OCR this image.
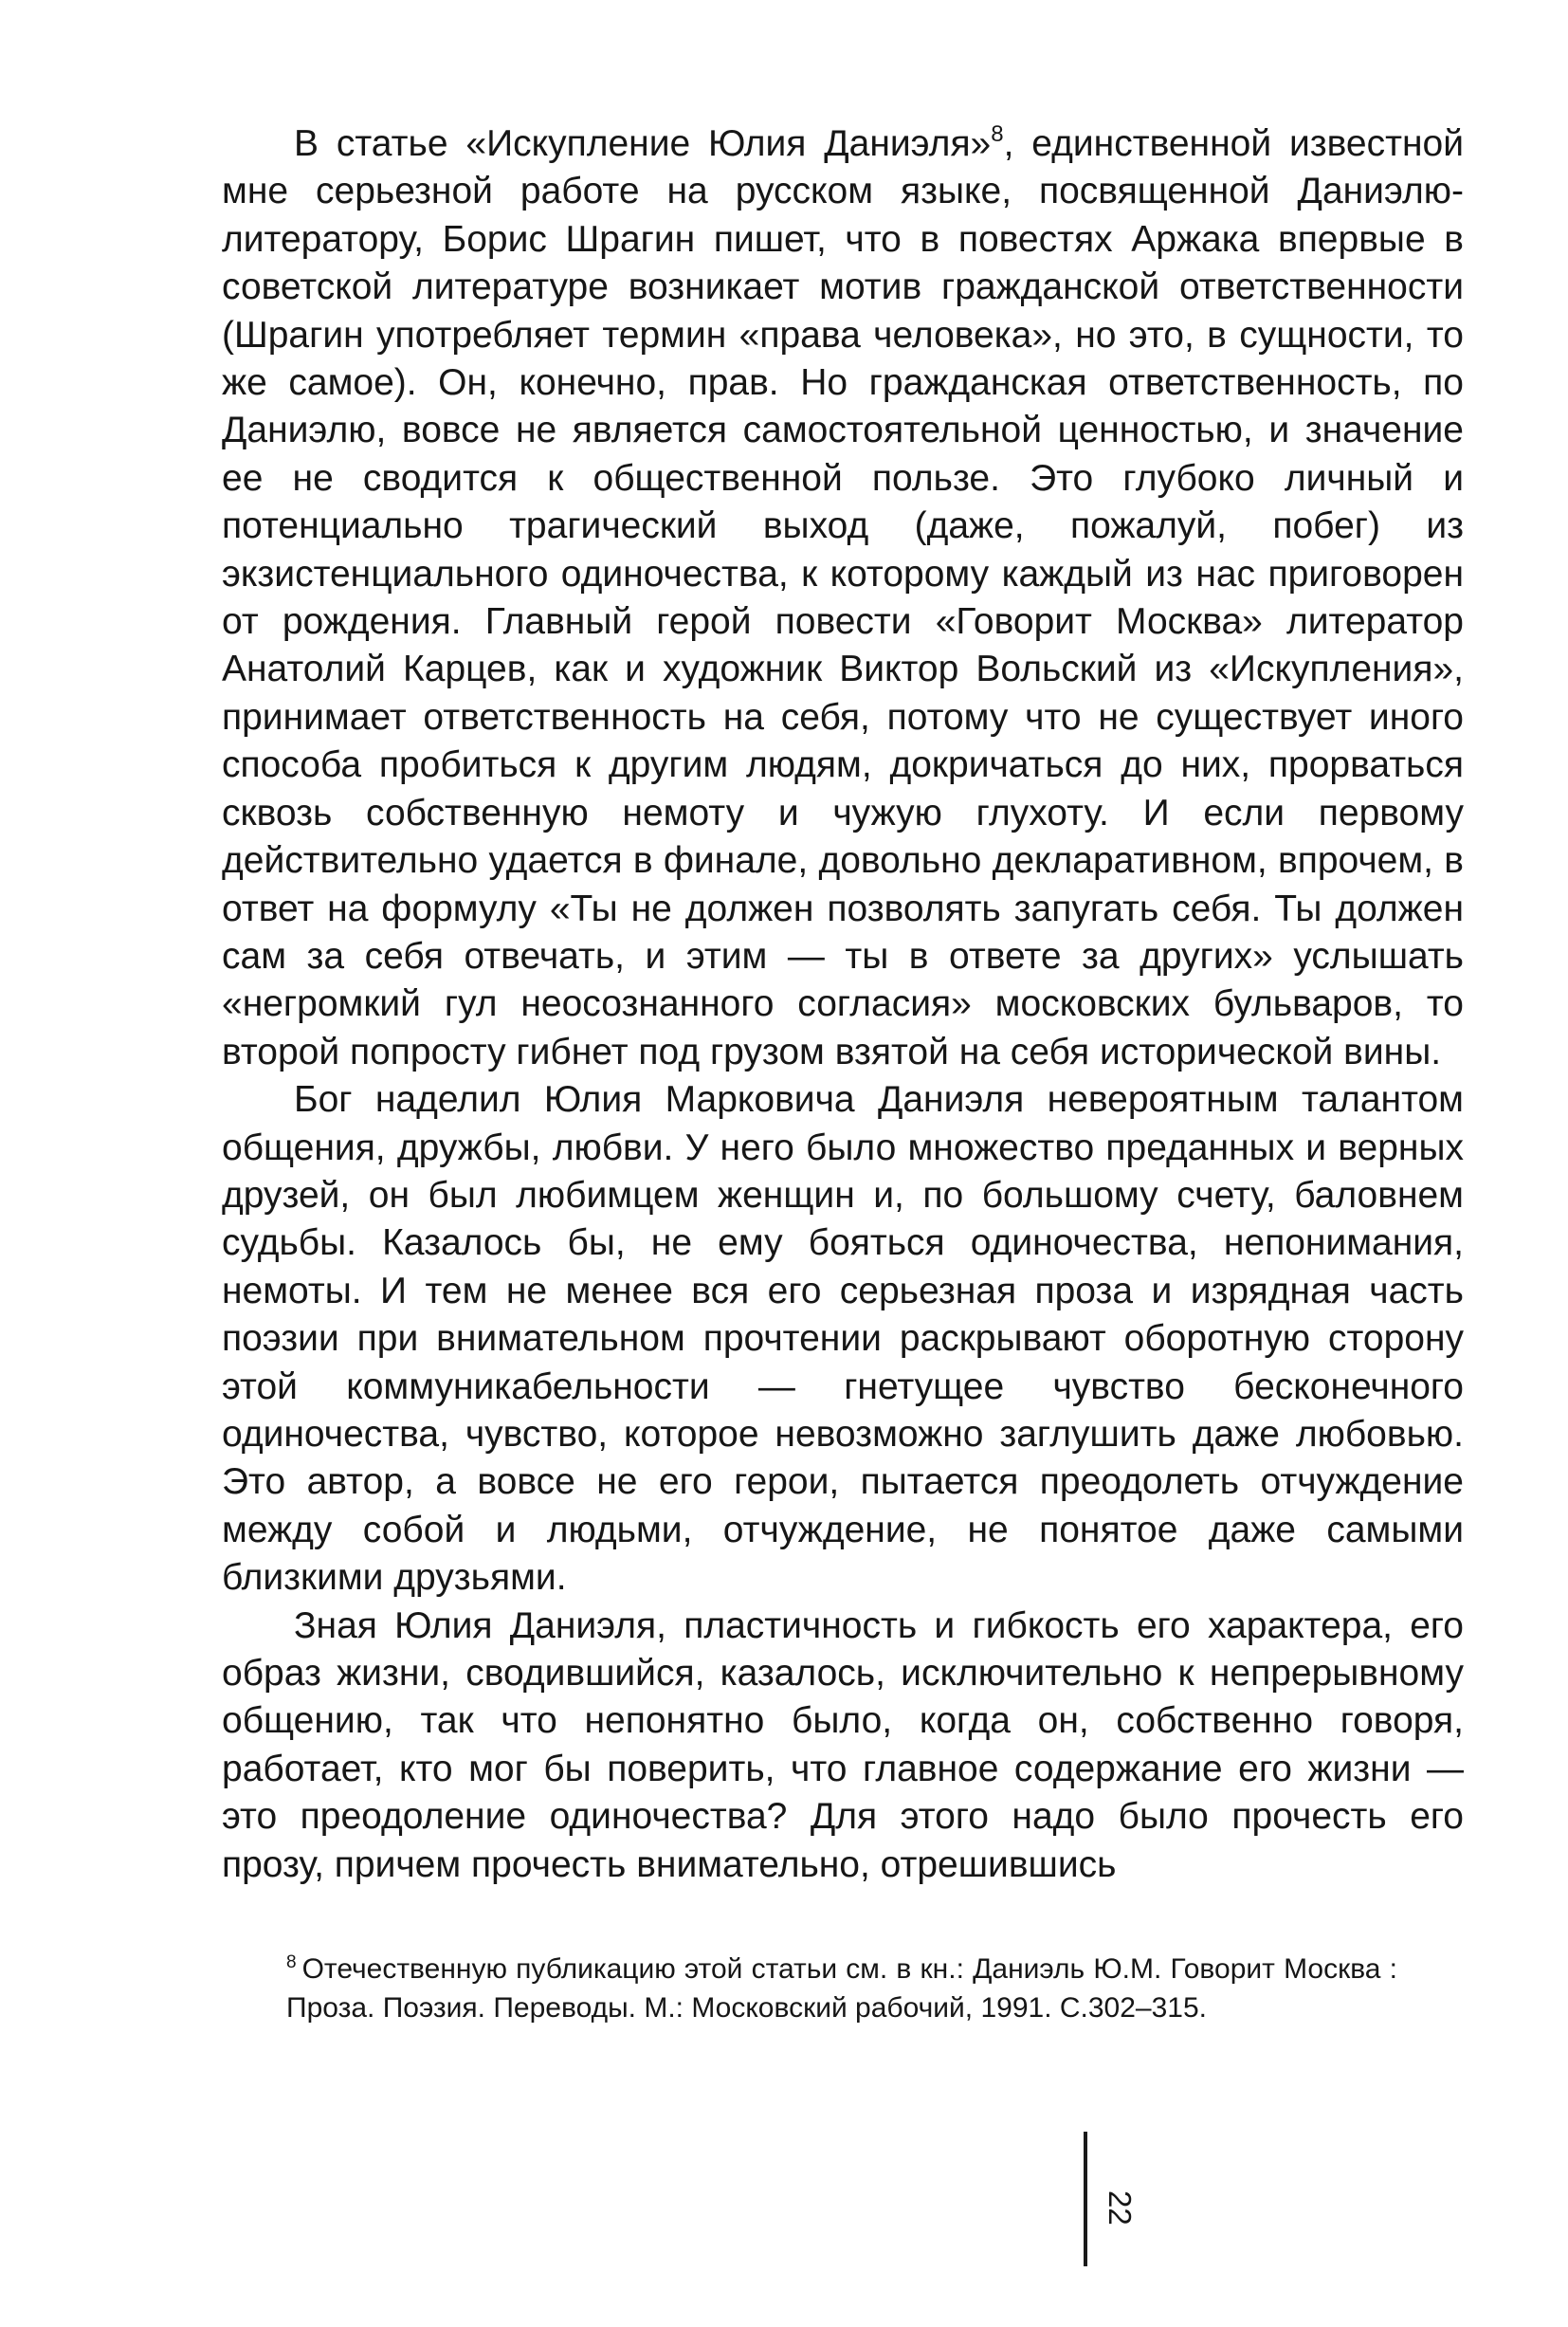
В статье «Искупление Юлия Даниэля»$^8$, единственной известной мне серьезной работе на русском языке, посвященной Даниэлю-литератору, Борис Шрагин пишет, что в повестях Аржака впервые в советской литературе возникает мотив гражданской ответственности (Шрагин употребляет термин «права человека», но это, в сущности, то же самое). Он, конечно, прав. Но гражданская ответственность, по Даниэлю, вовсе не является самостоятельной ценностью, и значение ее не сводится к общественной пользе. Это глубоко личный и потенциально трагический выход (даже, пожалуй, побег) из экзистенциального одиночества, к которому каждый из нас приговорен от рождения. Главный герой повести «Говорит Москва» литератор Анатолий Карцев, как и художник Виктор Вольский из «Искупления», принимает ответственность на себя, потому что не существует иного способа пробиться к другим людям, докричаться до них, прорваться сквозь собственную немоту и чужую глухоту. И если первому действительно удается в финале, довольно декларативном, впрочем, в ответ на формулу «Ты не должен позволять запугать себя. Ты должен сам за себя отвечать, и этим — ты в ответе за других» услышать «негромкий гул неосознанного согласия» московских бульваров, то второй попросту гибнет под грузом взятой на себя исторической вины.

Бог наделил Юлия Марковича Даниэля невероятным талантом общения, дружбы, любви. У него было множество преданных и верных друзей, он был любимцем женщин и, по большому счету, баловнем судьбы. Казалось бы, не ему бояться одиночества, непонимания, немоты. И тем не менее вся его серьезная проза и изрядная часть поэзии при внимательном прочтении раскрывают оборотную сторону этой коммуникабельности — гнетущее чувство бесконечного одиночества, чувство, которое невозможно заглушить даже любовью. Это автор, а вовсе не его герои, пытается преодолеть отчуждение между собой и людьми, отчуждение, не понятое даже самыми близкими друзьями.

Зная Юлия Даниэля, пластичность и гибкость его характера, его образ жизни, сводившийся, казалось, исключительно к непрерывному общению, так что непонятно было, когда он, собственно говоря, работает, кто мог бы поверить, что главное содержание его жизни — это преодоление одиночества? Для этого надо было прочесть его прозу, причем прочесть внимательно, отрешившись

$^8$ Отечественную публикацию этой статьи см. в кн.: Даниэль Ю.М. Говорит Москва : Проза. Поэзия. Переводы. М.: Московский рабочий, 1991. С.302–315.

22
